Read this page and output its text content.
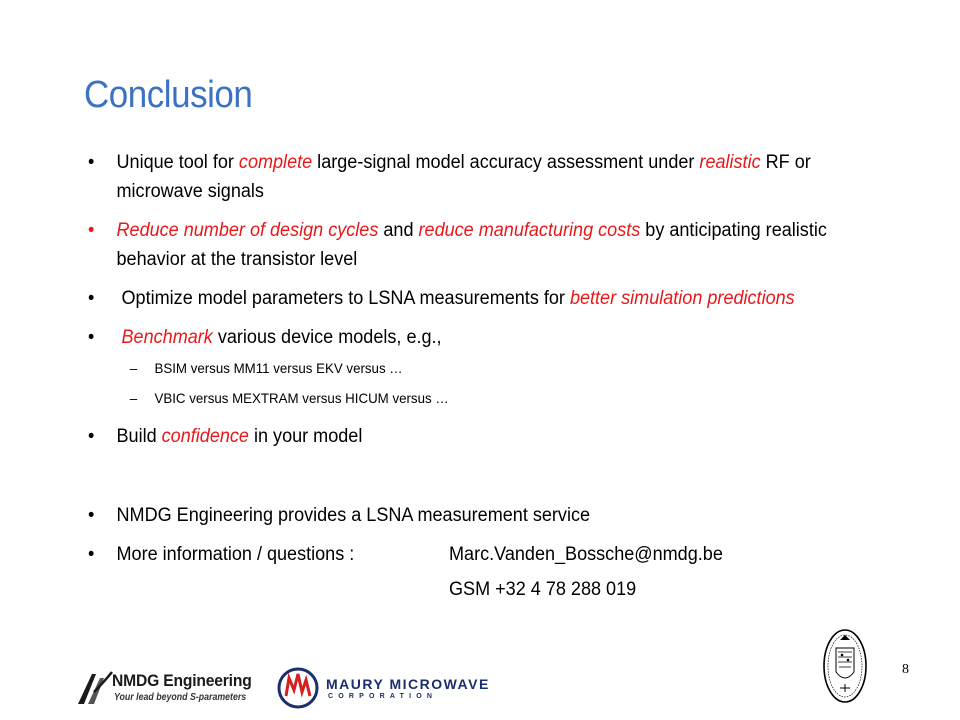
Conclusion
•	Unique tool for complete large-signal model accuracy assessment under realistic RF or microwave signals
•	Reduce number of design cycles and reduce manufacturing costs by anticipating realistic behavior at the transistor level
•	Optimize model parameters to LSNA measurements for better simulation predictions
•	Benchmark various device models, e.g.,
– BSIM versus MM11 versus EKV versus …
– VBIC versus MEXTRAM versus HICUM versus …
•	Build confidence in your model
•	NMDG Engineering provides a LSNA measurement service
•	More information / questions :	Marc.Vanden_Bossche@nmdg.be
GSM +32 4 78 288 019
8
NMDG Engineering
Your lead beyond S-parameters
MAURY MICROWAVE
CORPORATION
